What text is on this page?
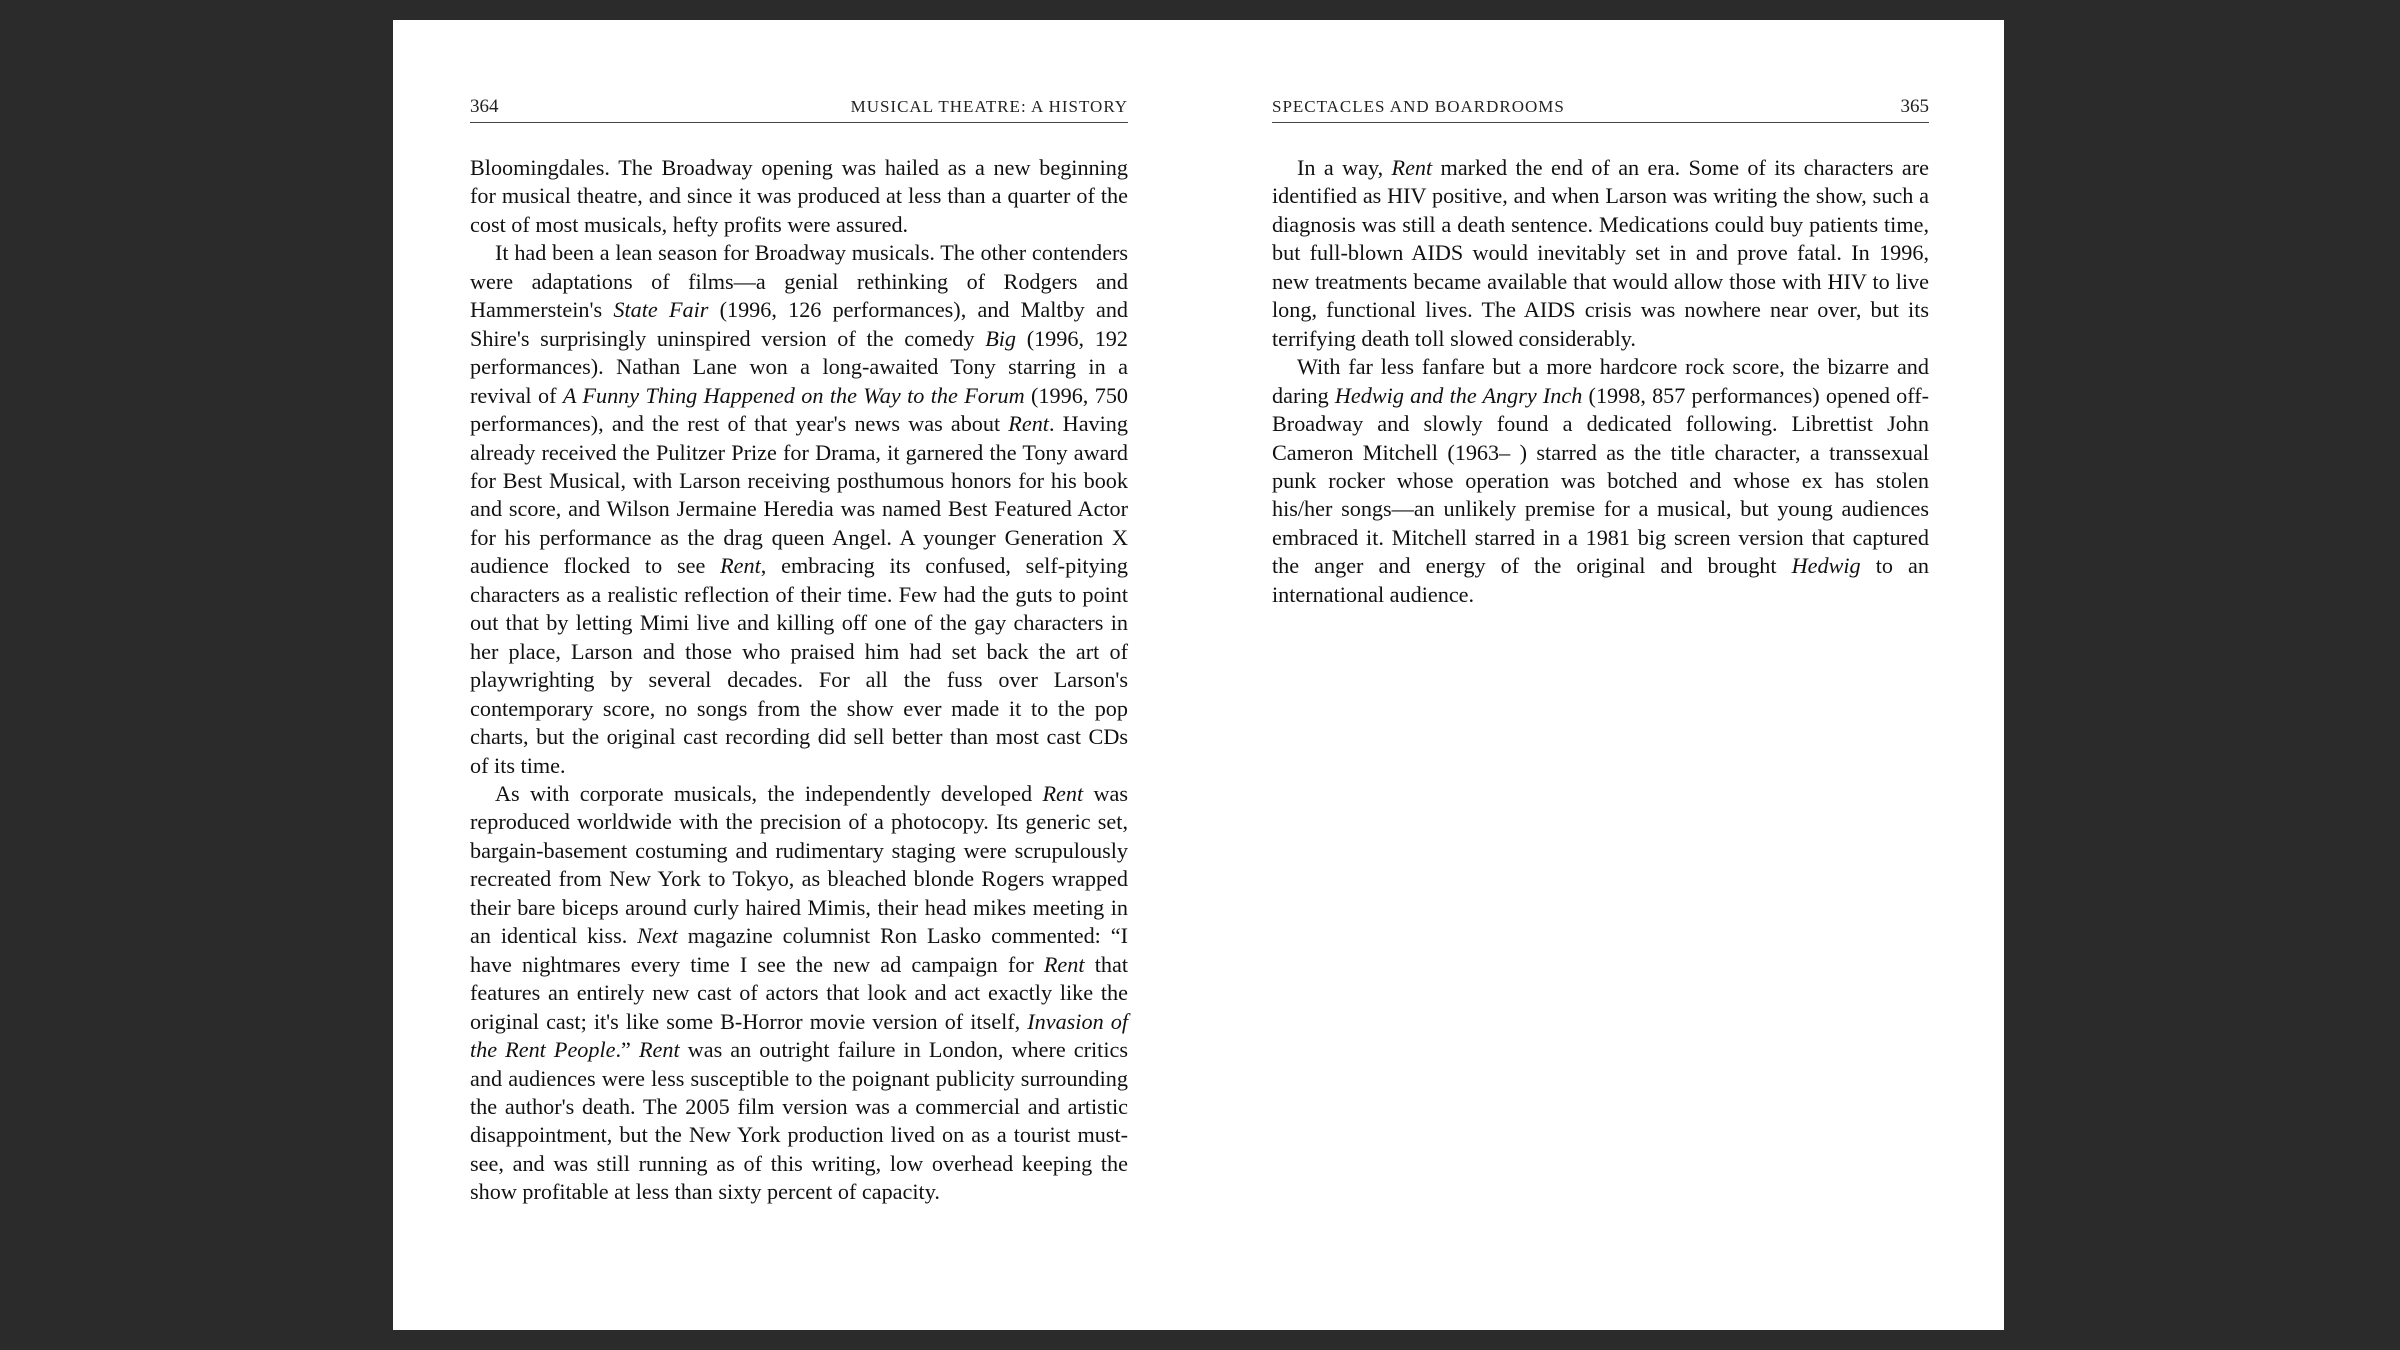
364	MUSICAL THEATRE: A HISTORY

Bloomingdales. The Broadway opening was hailed as a new beginning for musical theatre, and since it was produced at less than a quarter of the cost of most musicals, hefty profits were assured.

It had been a lean season for Broadway musicals. The other contenders were adaptations of films—a genial rethinking of Rodgers and Hammerstein's State Fair (1996, 126 performances), and Maltby and Shire's surprisingly uninspired version of the comedy Big (1996, 192 performances). Nathan Lane won a long-awaited Tony starring in a revival of A Funny Thing Happened on the Way to the Forum (1996, 750 performances), and the rest of that year's news was about Rent. Having already received the Pulitzer Prize for Drama, it garnered the Tony award for Best Musical, with Larson receiving posthumous honors for his book and score, and Wilson Jermaine Heredia was named Best Featured Actor for his performance as the drag queen Angel. A younger Generation X audience flocked to see Rent, embracing its confused, self-pitying characters as a realistic reflection of their time. Few had the guts to point out that by letting Mimi live and killing off one of the gay characters in her place, Larson and those who praised him had set back the art of playwrighting by several decades. For all the fuss over Larson's contemporary score, no songs from the show ever made it to the pop charts, but the original cast recording did sell better than most cast CDs of its time.

As with corporate musicals, the independently developed Rent was reproduced worldwide with the precision of a photocopy. Its generic set, bargain-basement costuming and rudimentary staging were scrupulously recreated from New York to Tokyo, as bleached blonde Rogers wrapped their bare biceps around curly haired Mimis, their head mikes meeting in an identical kiss. Next magazine columnist Ron Lasko commented: “I have nightmares every time I see the new ad campaign for Rent that features an entirely new cast of actors that look and act exactly like the original cast; it's like some B-Horror movie version of itself, Invasion of the Rent People.” Rent was an outright failure in London, where critics and audiences were less susceptible to the poignant publicity surrounding the author's death. The 2005 film version was a commercial and artistic disappointment, but the New York production lived on as a tourist must-see, and was still running as of this writing, low overhead keeping the show profitable at less than sixty percent of capacity.

SPECTACLES AND BOARDROOMS	365

In a way, Rent marked the end of an era. Some of its characters are identified as HIV positive, and when Larson was writing the show, such a diagnosis was still a death sentence. Medications could buy patients time, but full-blown AIDS would inevitably set in and prove fatal. In 1996, new treatments became available that would allow those with HIV to live long, functional lives. The AIDS crisis was nowhere near over, but its terrifying death toll slowed considerably.

With far less fanfare but a more hardcore rock score, the bizarre and daring Hedwig and the Angry Inch (1998, 857 performances) opened off-Broadway and slowly found a dedicated following. Librettist John Cameron Mitchell (1963– ) starred as the title character, a transsexual punk rocker whose operation was botched and whose ex has stolen his/her songs—an unlikely premise for a musical, but young audiences embraced it. Mitchell starred in a 1981 big screen version that captured the anger and energy of the original and brought Hedwig to an international audience.
